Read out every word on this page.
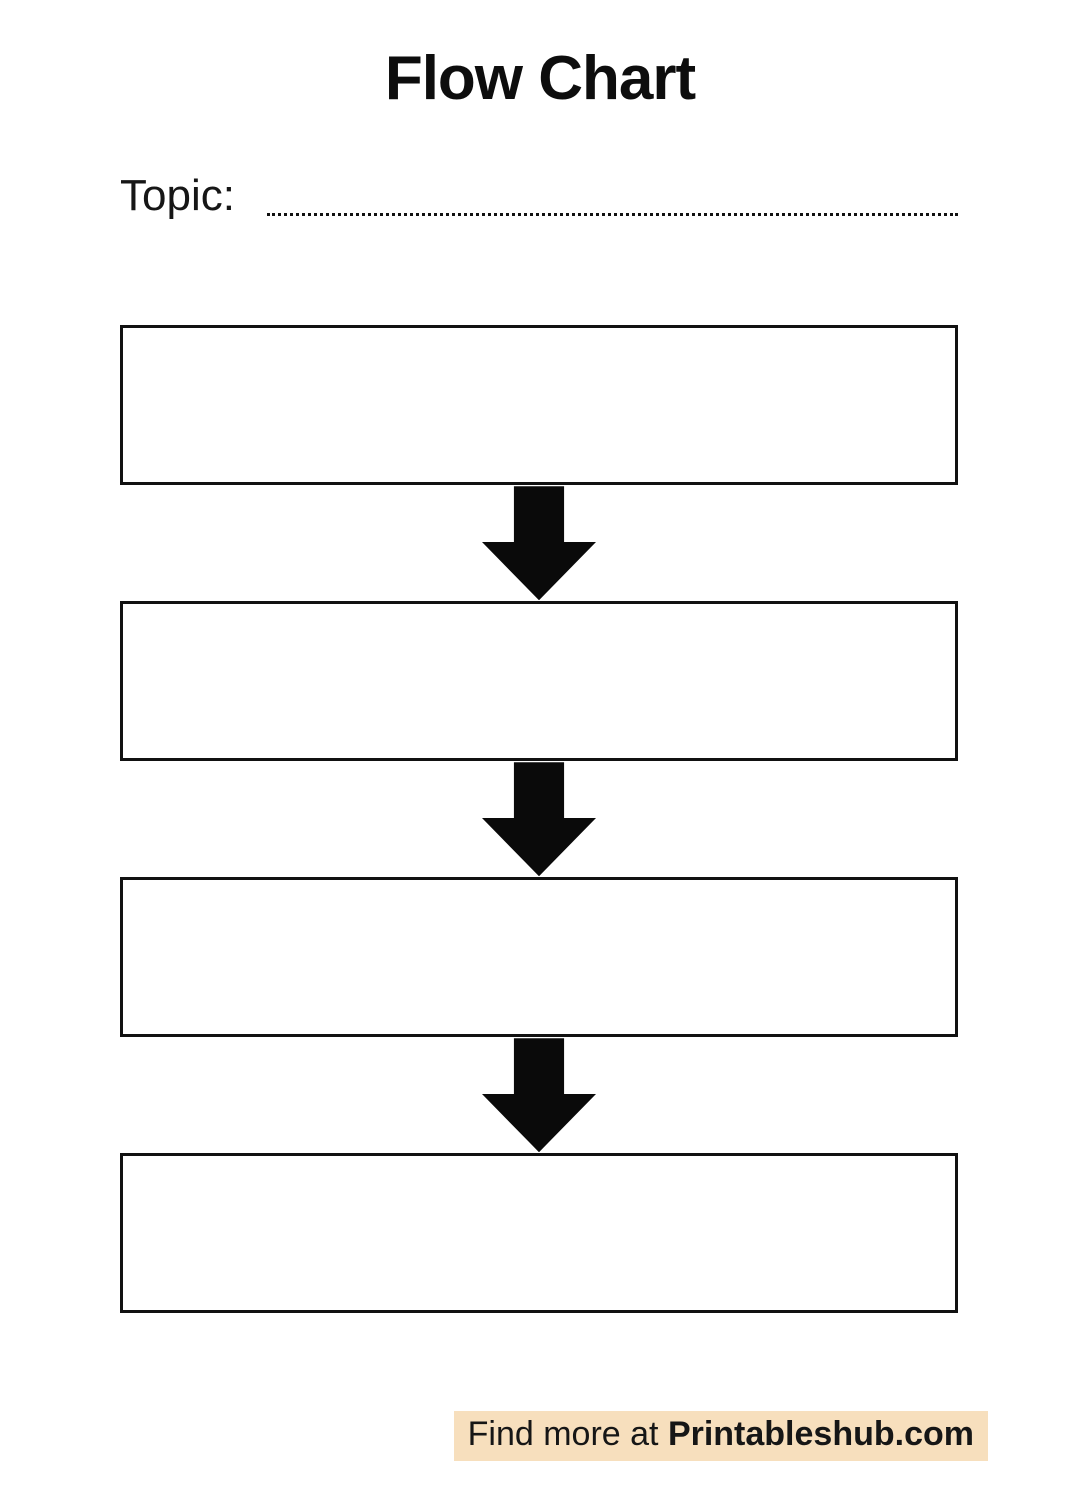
Flow Chart
Topic:
Find more at Printableshub.com
